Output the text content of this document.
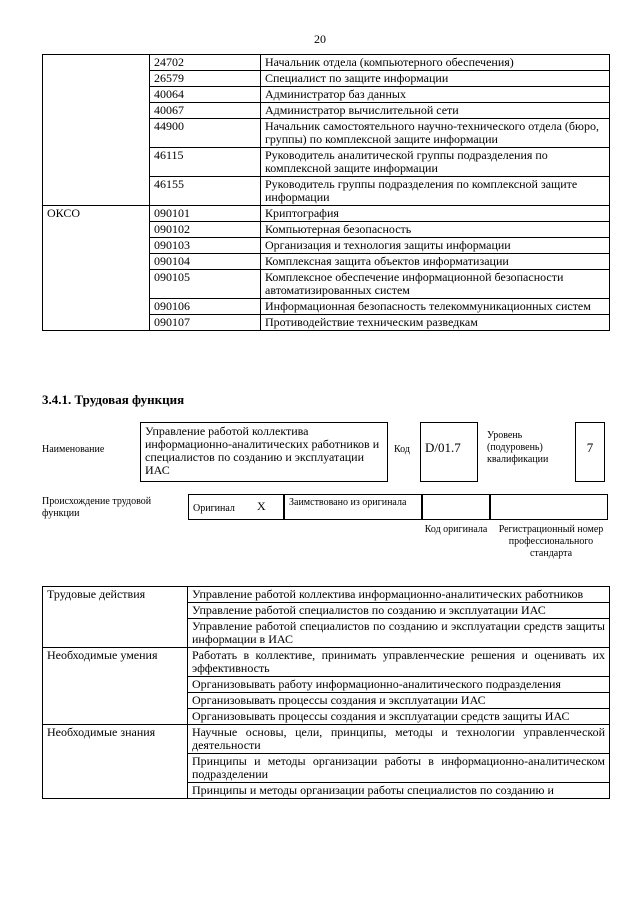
20
	24702	Начальник отдела (компьютерного обеспечения)
	26579	Специалист по защите информации
	40064	Администратор баз данных
	40067	Администратор вычислительной сети
	44900	Начальник самостоятельного научно-технического отдела (бюро, группы) по комплексной защите информации
	46115	Руководитель аналитической группы подразделения по комплексной защите информации
	46155	Руководитель группы подразделения по комплексной защите информации
ОКСО	090101	Криптография
	090102	Компьютерная безопасность
	090103	Организация и технология защиты информации
	090104	Комплексная защита объектов информатизации
	090105	Комплексное обеспечение информационной безопасности автоматизированных систем
	090106	Информационная безопасность телекоммуникационных систем
	090107	Противодействие техническим разведкам
3.4.1. Трудовая функция
Наименование
Управление работой коллектива информационно-аналитических работников и специалистов по созданию и эксплуатации ИАС
Код	D/01.7
Уровень (подуровень) квалификации
7
Происхождение трудовой функции	Оригинал X	Заимствовано из оригинала
Код оригинала	Регистрационный номер профессионального стандарта
Трудовые действия	Управление работой коллектива информационно-аналитических работников
	Управление работой специалистов по созданию и эксплуатации ИАС
	Управление работой специалистов по созданию и эксплуатации средств защиты информации в ИАС
Необходимые умения	Работать в коллективе, принимать управленческие решения и оценивать их эффективность
	Организовывать работу информационно-аналитического подразделения
	Организовывать процессы создания и эксплуатации ИАС
	Организовывать процессы создания и эксплуатации средств защиты ИАС
Необходимые знания	Научные основы, цели, принципы, методы и технологии управленческой деятельности
	Принципы и методы организации работы в информационно-аналитическом подразделении
	Принципы и методы организации работы специалистов по созданию и
